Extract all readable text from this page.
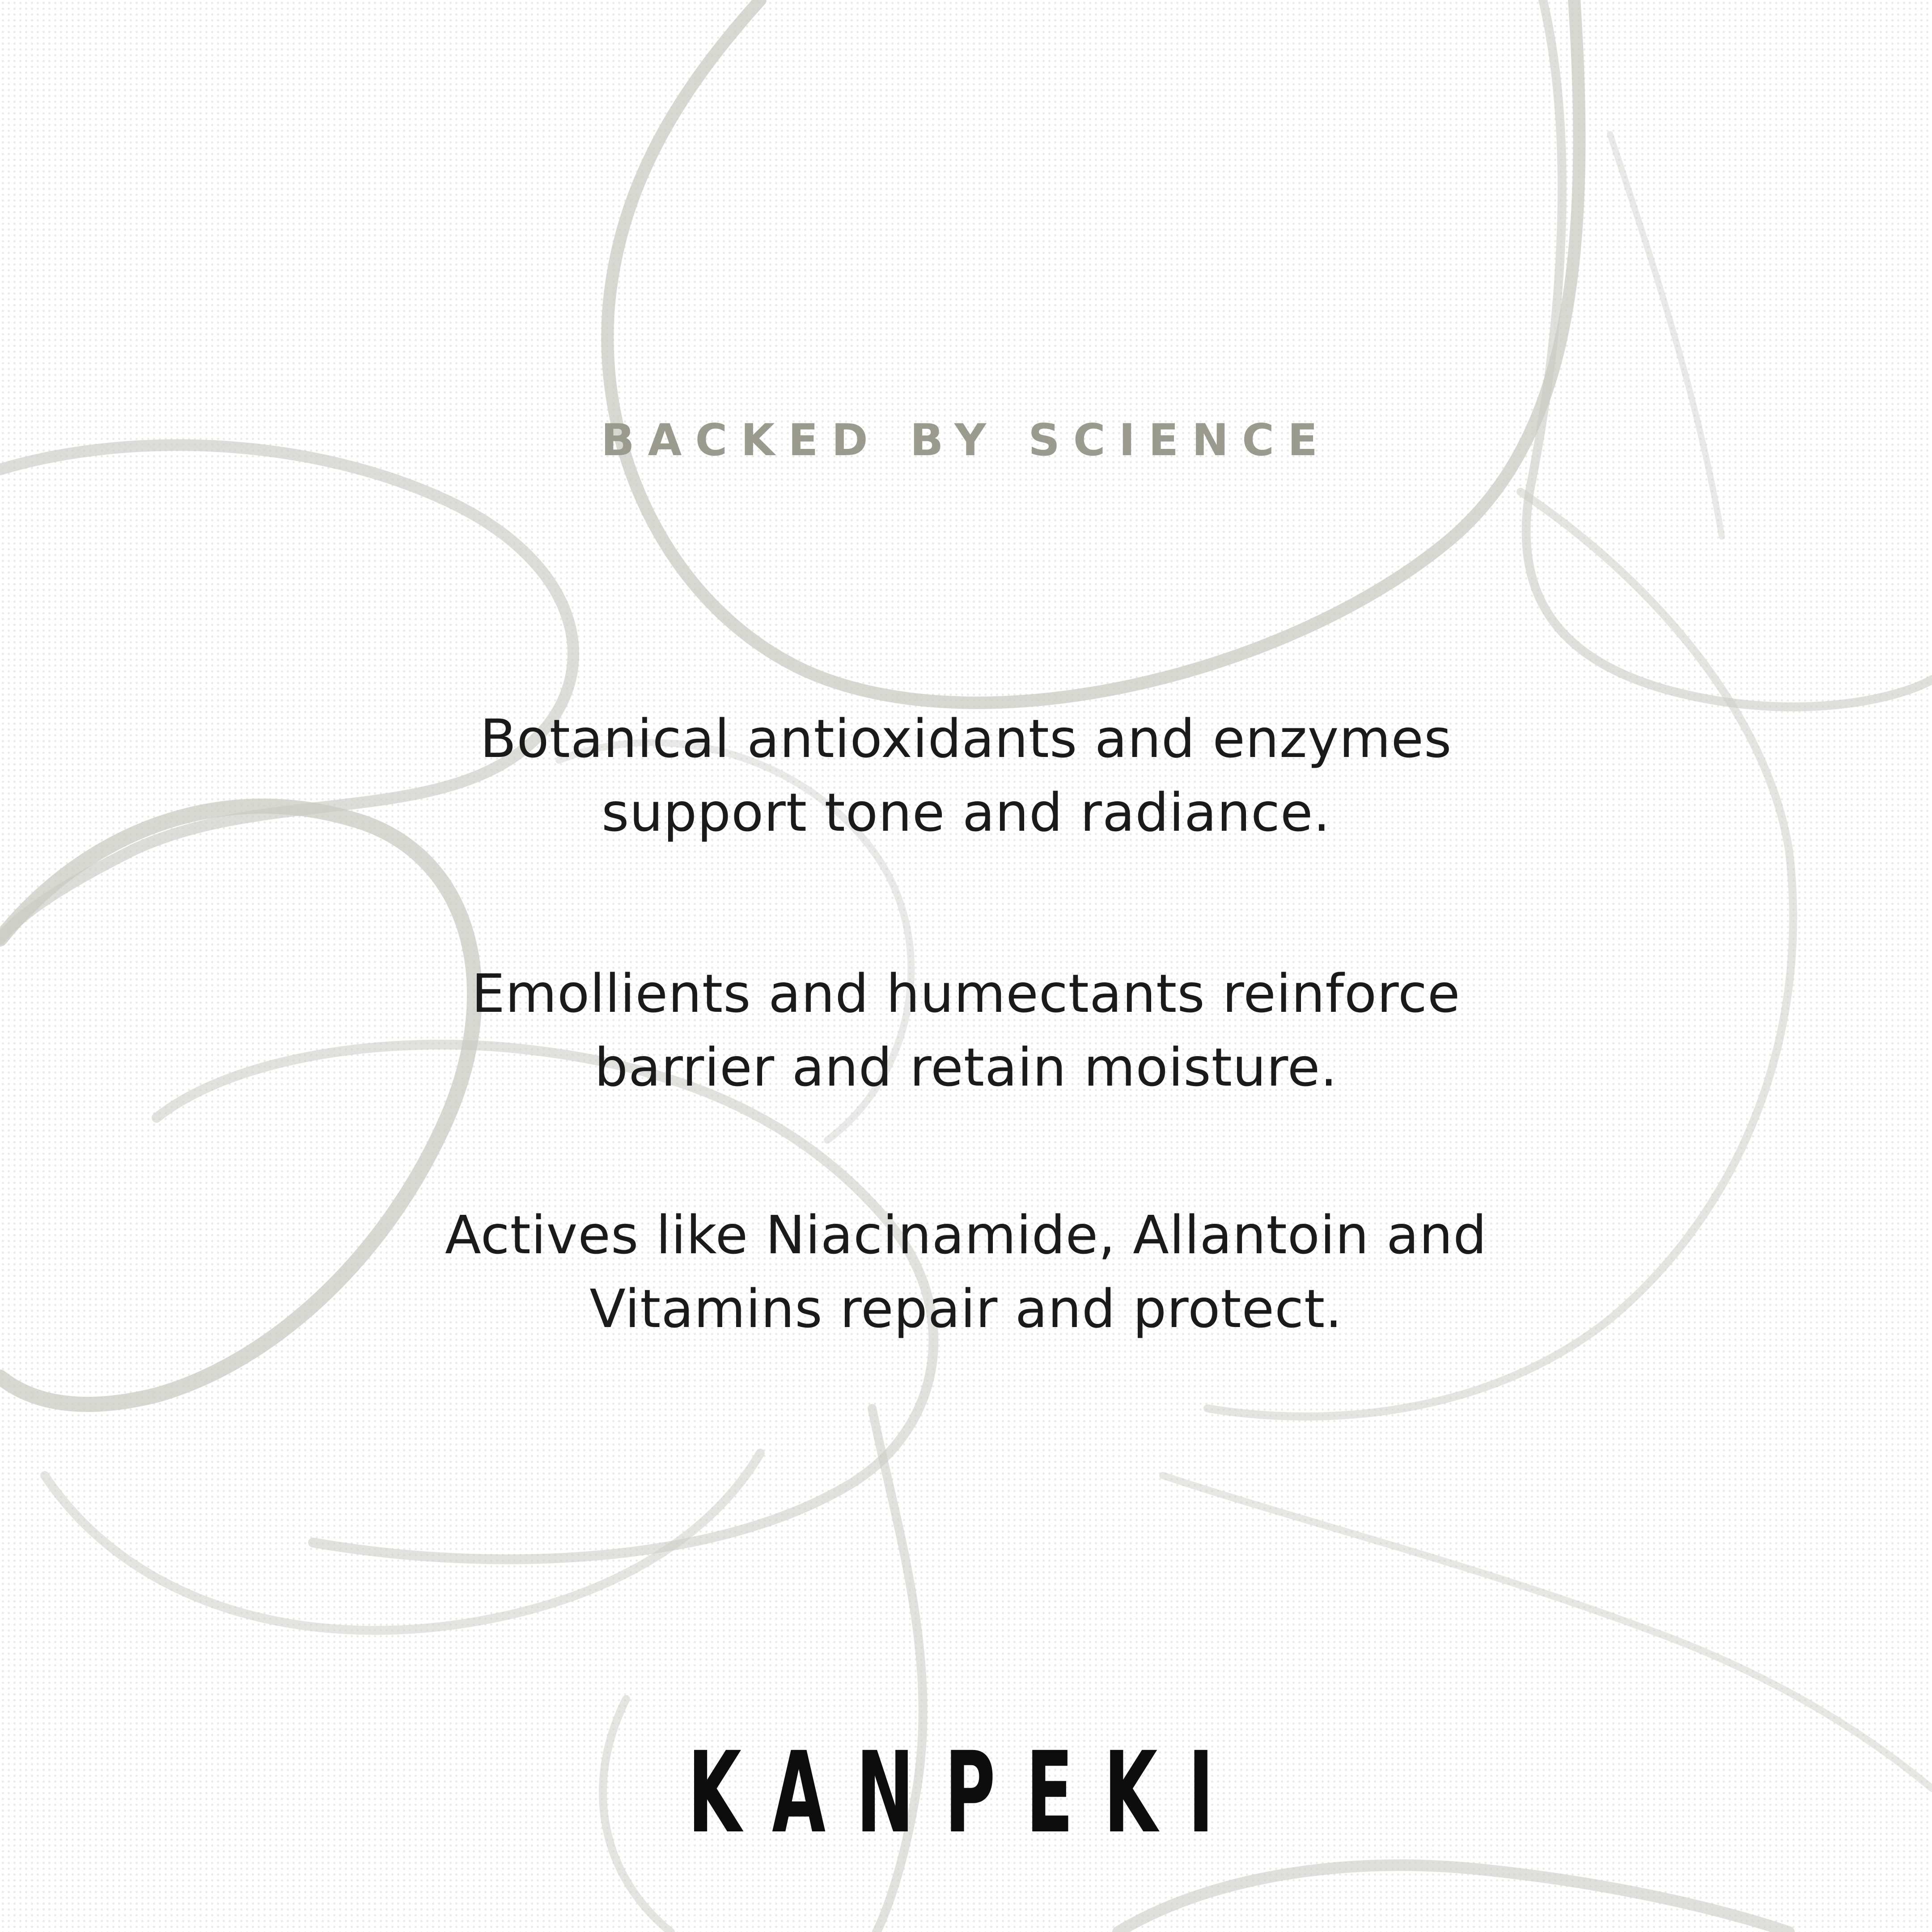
BACKED BY SCIENCE
Botanical antioxidants and enzymes
support tone and radiance.
Emollients and humectants reinforce
barrier and retain moisture.
Actives like Niacinamide, Allantoin and
Vitamins repair and protect.
KANPEKI
